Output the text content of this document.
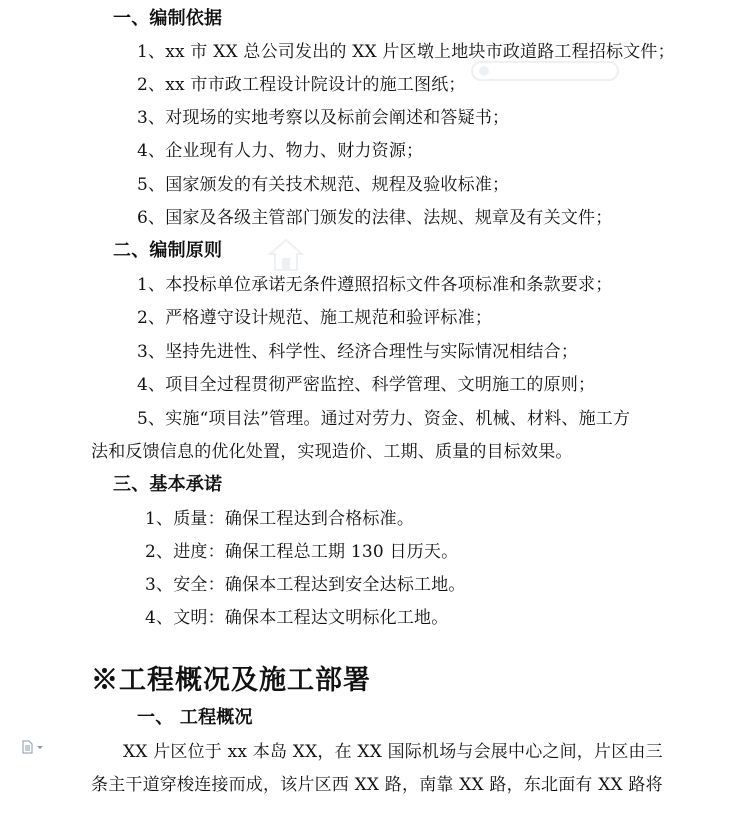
一、编制依据
1、xx 市 XX 总公司发出的 XX 片区墩上地块市政道路工程招标文件；
2、xx 市市政工程设计院设计的施工图纸；
3、对现场的实地考察以及标前会阐述和答疑书；
4、企业现有人力、物力、财力资源；
5、国家颁发的有关技术规范、规程及验收标准；
6、国家及各级主管部门颁发的法律、法规、规章及有关文件；
二、编制原则
1、本投标单位承诺无条件遵照招标文件各项标准和条款要求；
2、严格遵守设计规范、施工规范和验评标准；
3、坚持先进性、科学性、经济合理性与实际情况相结合；
4、项目全过程贯彻严密监控、科学管理、文明施工的原则；
5、实施“项目法”管理。通过对劳力、资金、机械、材料、施工方
法和反馈信息的优化处置，实现造价、工期、质量的目标效果。
三、基本承诺
1、质量：确保工程达到合格标准。
2、进度：确保工程总工期 130 日历天。
3、安全：确保本工程达到安全达标工地。
4、文明：确保本工程达文明标化工地。
※工程概况及施工部署
一、 工程概况
XX 片区位于 xx 本岛 XX，在 XX 国际机场与会展中心之间，片区由三
条主干道穿梭连接而成，该片区西 XX 路，南靠 XX 路，东北面有 XX 路将
